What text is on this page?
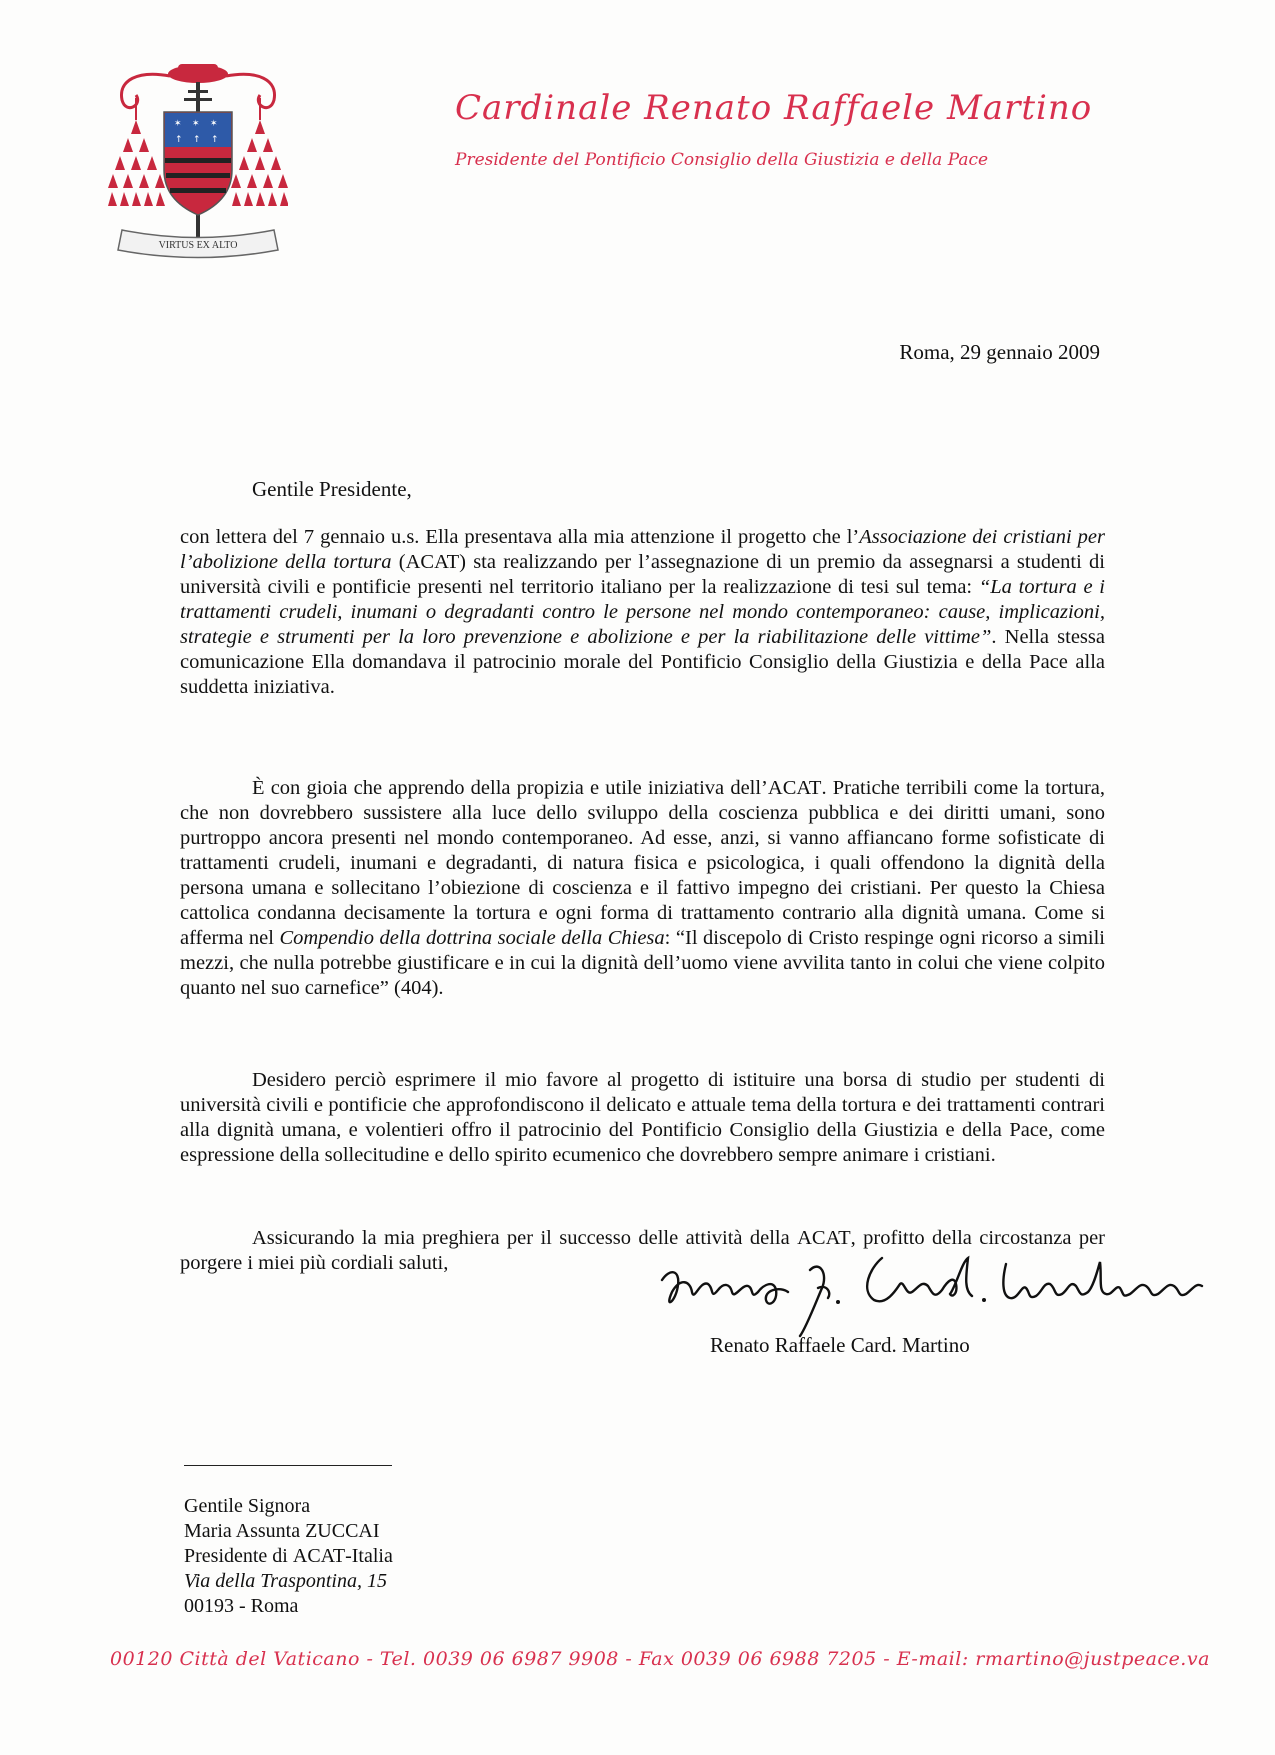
✶ ✶ ✶
↑ ↑ ↑
VIRTUS EX ALTO
Cardinale Renato Raffaele Martino
Presidente del Pontificio Consiglio della Giustizia e della Pace
Roma, 29 gennaio 2009
Gentile Presidente,

con lettera del 7 gennaio u.s. Ella presentava alla mia attenzione il progetto che l’Associazione dei cristiani per l’abolizione della tortura (ACAT) sta realizzando per l’assegnazione di un premio da assegnarsi a studenti di università civili e pontificie presenti nel territorio italiano per la realizzazione di tesi sul tema: “La tortura e i trattamenti crudeli, inumani o degradanti contro le persone nel mondo contemporaneo: cause, implicazioni, strategie e strumenti per la loro prevenzione e abolizione e per la riabilitazione delle vittime”. Nella stessa comunicazione Ella domandava il patrocinio morale del Pontificio Consiglio della Giustizia e della Pace alla suddetta iniziativa.

È con gioia che apprendo della propizia e utile iniziativa dell’ACAT. Pratiche terribili come la tortura, che non dovrebbero sussistere alla luce dello sviluppo della coscienza pubblica e dei diritti umani, sono purtroppo ancora presenti nel mondo contemporaneo. Ad esse, anzi, si vanno affiancano forme sofisticate di trattamenti crudeli, inumani e degradanti, di natura fisica e psicologica, i quali offendono la dignità della persona umana e sollecitano l’obiezione di coscienza e il fattivo impegno dei cristiani. Per questo la Chiesa cattolica condanna decisamente la tortura e ogni forma di trattamento contrario alla dignità umana. Come si afferma nel Compendio della dottrina sociale della Chiesa: “Il discepolo di Cristo respinge ogni ricorso a simili mezzi, che nulla potrebbe giustificare e in cui la dignità dell’uomo viene avvilita tanto in colui che viene colpito quanto nel suo carnefice” (404).

Desidero perciò esprimere il mio favore al progetto di istituire una borsa di studio per studenti di università civili e pontificie che approfondiscono il delicato e attuale tema della tortura e dei trattamenti contrari alla dignità umana, e volentieri offro il patrocinio del Pontificio Consiglio della Giustizia e della Pace, come espressione della sollecitudine e dello spirito ecumenico che dovrebbero sempre animare i cristiani.

Assicurando la mia preghiera per il successo delle attività della ACAT, profitto della circostanza per porgere i miei più cordiali saluti,

Renato Raffaele Card. Martino
Gentile Signora
Maria Assunta ZUCCAI
Presidente di ACAT-Italia
Via della Traspontina, 15
00193 - Roma
00120 Città del Vaticano - Tel. 0039 06 6987 9908 - Fax 0039 06 6988 7205 - E-mail: rmartino@justpeace.va
